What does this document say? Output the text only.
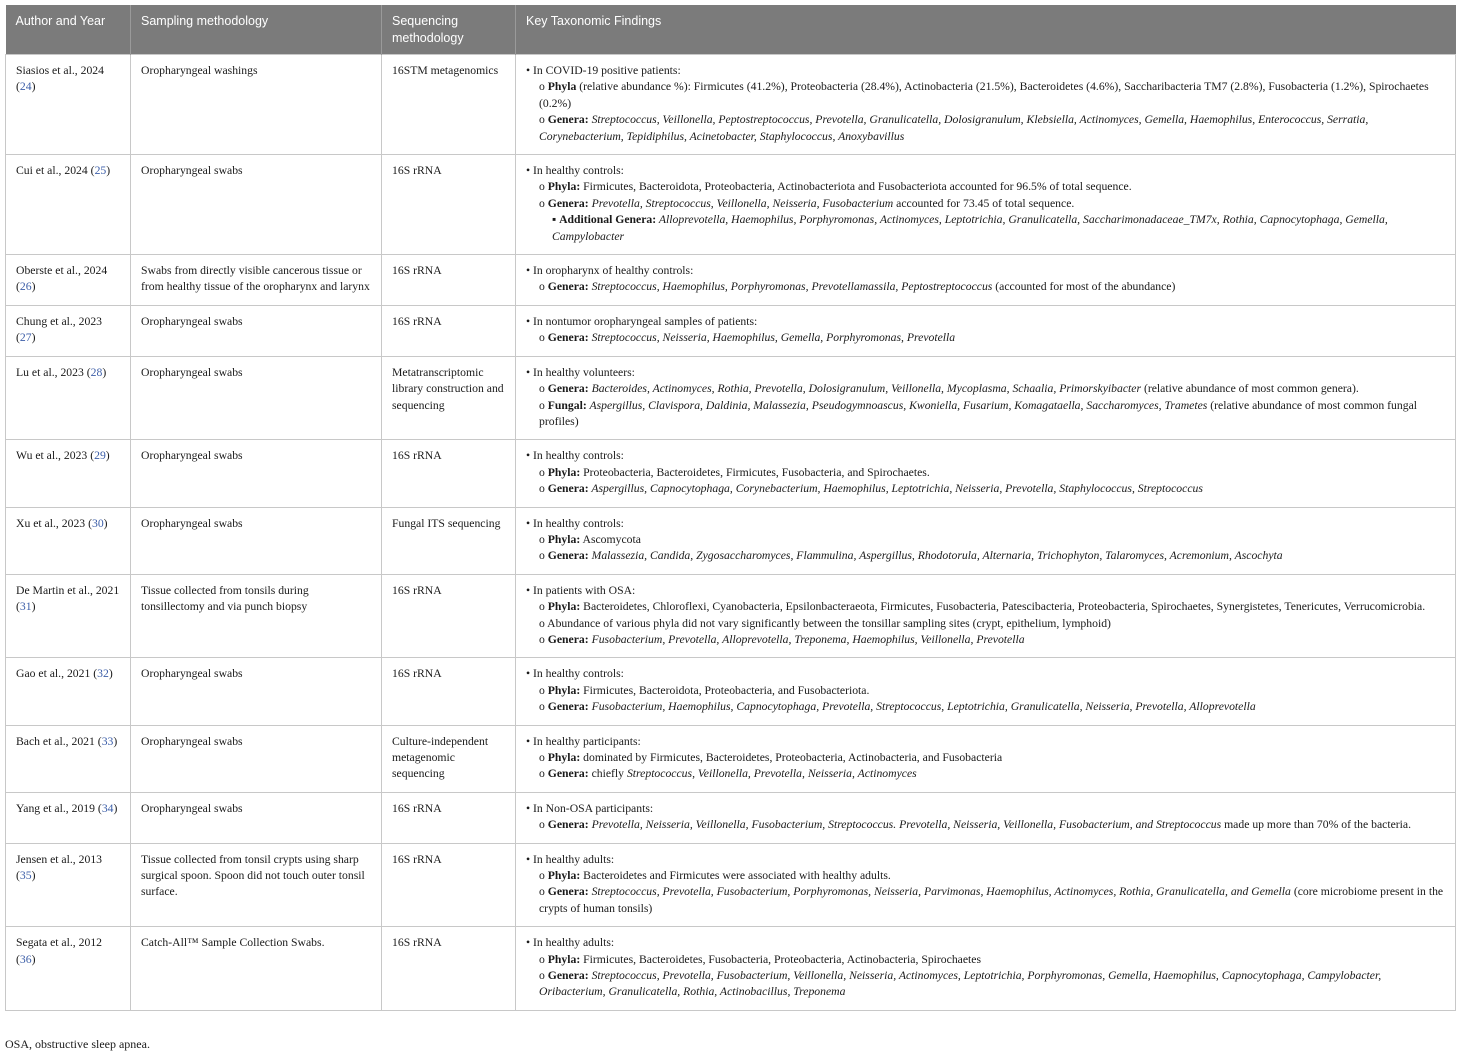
Author and Year	Sampling methodology	Sequencing methodology	Key Taxonomic Findings
Siasios et al., 2024 (24)	Oropharyngeal washings	16STM metagenomics	• In COVID-19 positive patients:
o Phyla (relative abundance %): Firmicutes (41.2%), Proteobacteria (28.4%), Actinobacteria (21.5%), Bacteroidetes (4.6%), Saccharibacteria TM7 (2.8%), Fusobacteria (1.2%), Spirochaetes (0.2%)
o Genera: Streptococcus, Veillonella, Peptostreptococcus, Prevotella, Granulicatella, Dolosigranulum, Klebsiella, Actinomyces, Gemella, Haemophilus, Enterococcus, Serratia, Corynebacterium, Tepidiphilus, Acinetobacter, Staphylococcus, Anoxybavillus

Cui et al., 2024 (25)	Oropharyngeal swabs	16S rRNA	• In healthy controls:
o Phyla: Firmicutes, Bacteroidota, Proteobacteria, Actinobacteriota and Fusobacteriota accounted for 96.5% of total sequence.
o Genera: Prevotella, Streptococcus, Veillonella, Neisseria, Fusobacterium accounted for 73.45 of total sequence.
▪ Additional Genera: Alloprevotella, Haemophilus, Porphyromonas, Actinomyces, Leptotrichia, Granulicatella, Saccharimonadaceae_TM7x, Rothia, Capnocytophaga, Gemella, Campylobacter

Oberste et al., 2024 (26)	Swabs from directly visible cancerous tissue or from healthy tissue of the oropharynx and larynx	16S rRNA	• In oropharynx of healthy controls:
o Genera: Streptococcus, Haemophilus, Porphyromonas, Prevotellamassila, Peptostreptococcus (accounted for most of the abundance)

Chung et al., 2023 (27)	Oropharyngeal swabs	16S rRNA	• In nontumor oropharyngeal samples of patients:
o Genera: Streptococcus, Neisseria, Haemophilus, Gemella, Porphyromonas, Prevotella

Lu et al., 2023 (28)	Oropharyngeal swabs	Metatranscriptomic library construction and sequencing	• In healthy volunteers:
o Genera: Bacteroides, Actinomyces, Rothia, Prevotella, Dolosigranulum, Veillonella, Mycoplasma, Schaalia, Primorskyibacter (relative abundance of most common genera).
o Fungal: Aspergillus, Clavispora, Daldinia, Malassezia, Pseudogymnoascus, Kwoniella, Fusarium, Komagataella, Saccharomyces, Trametes (relative abundance of most common fungal profiles)

Wu et al., 2023 (29)	Oropharyngeal swabs	16S rRNA	• In healthy controls:
o Phyla: Proteobacteria, Bacteroidetes, Firmicutes, Fusobacteria, and Spirochaetes.
o Genera: Aspergillus, Capnocytophaga, Corynebacterium, Haemophilus, Leptotrichia, Neisseria, Prevotella, Staphylococcus, Streptococcus

Xu et al., 2023 (30)	Oropharyngeal swabs	Fungal ITS sequencing	• In healthy controls:
o Phyla: Ascomycota
o Genera: Malassezia, Candida, Zygosaccharomyces, Flammulina, Aspergillus, Rhodotorula, Alternaria, Trichophyton, Talaromyces, Acremonium, Ascochyta

De Martin et al., 2021 (31)	Tissue collected from tonsils during tonsillectomy and via punch biopsy	16S rRNA	• In patients with OSA:
o Phyla: Bacteroidetes, Chloroflexi, Cyanobacteria, Epsilonbacteraeota, Firmicutes, Fusobacteria, Patescibacteria, Proteobacteria, Spirochaetes, Synergistetes, Tenericutes, Verrucomicrobia.
o Abundance of various phyla did not vary significantly between the tonsillar sampling sites (crypt, epithelium, lymphoid)
o Genera: Fusobacterium, Prevotella, Alloprevotella, Treponema, Haemophilus, Veillonella, Prevotella

Gao et al., 2021 (32)	Oropharyngeal swabs	16S rRNA	• In healthy controls:
o Phyla: Firmicutes, Bacteroidota, Proteobacteria, and Fusobacteriota.
o Genera: Fusobacterium, Haemophilus, Capnocytophaga, Prevotella, Streptococcus, Leptotrichia, Granulicatella, Neisseria, Prevotella, Alloprevotella

Bach et al., 2021 (33)	Oropharyngeal swabs	Culture-independent metagenomic sequencing	• In healthy participants:
o Phyla: dominated by Firmicutes, Bacteroidetes, Proteobacteria, Actinobacteria, and Fusobacteria
o Genera: chiefly Streptococcus, Veillonella, Prevotella, Neisseria, Actinomyces

Yang et al., 2019 (34)	Oropharyngeal swabs	16S rRNA	• In Non-OSA participants:
o Genera: Prevotella, Neisseria, Veillonella, Fusobacterium, Streptococcus. Prevotella, Neisseria, Veillonella, Fusobacterium, and Streptococcus made up more than 70% of the bacteria.

Jensen et al., 2013 (35)	Tissue collected from tonsil crypts using sharp surgical spoon. Spoon did not touch outer tonsil surface.	16S rRNA	• In healthy adults:
o Phyla: Bacteroidetes and Firmicutes were associated with healthy adults.
o Genera: Streptococcus, Prevotella, Fusobacterium, Porphyromonas, Neisseria, Parvimonas, Haemophilus, Actinomyces, Rothia, Granulicatella, and Gemella (core microbiome present in the crypts of human tonsils)

Segata et al., 2012 (36)	Catch-All™ Sample Collection Swabs.	16S rRNA	• In healthy adults:
o Phyla: Firmicutes, Bacteroidetes, Fusobacteria, Proteobacteria, Actinobacteria, Spirochaetes
o Genera: Streptococcus, Prevotella, Fusobacterium, Veillonella, Neisseria, Actinomyces, Leptotrichia, Porphyromonas, Gemella, Haemophilus, Capnocytophaga, Campylobacter, Oribacterium, Granulicatella, Rothia, Actinobacillus, Treponema
OSA, obstructive sleep apnea.
